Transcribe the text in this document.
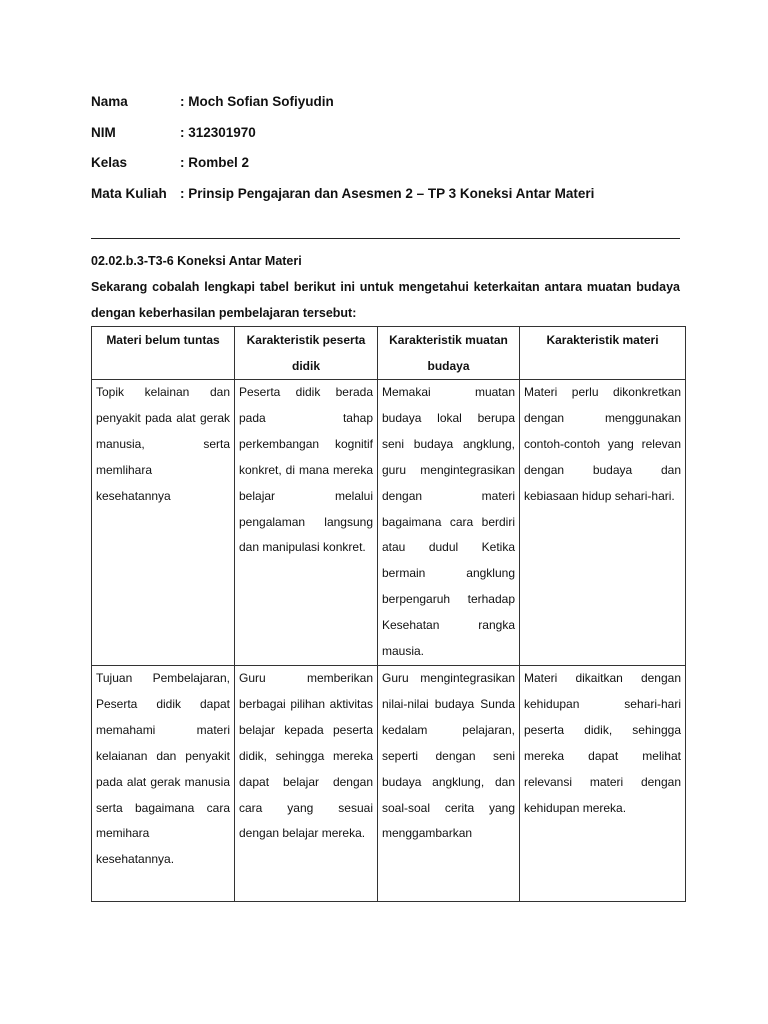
Nama	: Moch Sofian Sofiyudin
NIM	: 312301970
Kelas	: Rombel 2
Mata Kuliah : Prinsip Pengajaran dan Asesmen 2 – TP 3 Koneksi Antar Materi
02.02.b.3-T3-6 Koneksi Antar Materi
Sekarang cobalah lengkapi tabel berikut ini untuk mengetahui keterkaitan antara muatan budaya dengan keberhasilan pembelajaran tersebut:
Materi belum tuntas	Karakteristik peserta didik	Karakteristik muatan budaya	Karakteristik materi
Topik kelainan dan penyakit pada alat gerak manusia, serta memlihara kesehatannya	Peserta didik berada pada tahap perkembangan kognitif konkret, di mana mereka belajar melalui pengalaman langsung dan manipulasi konkret.	Memakai muatan budaya lokal berupa seni budaya angklung, guru mengintegrasikan dengan materi bagaimana cara berdiri atau dudul Ketika bermain angklung berpengaruh terhadap Kesehatan rangka mausia.	Materi perlu dikonkretkan dengan menggunakan contoh-contoh yang relevan dengan budaya dan kebiasaan hidup sehari-hari.
Tujuan Pembelajaran, Peserta didik dapat memahami materi kelaianan dan penyakit pada alat gerak manusia serta bagaimana cara memihara kesehatannya.	Guru memberikan berbagai pilihan aktivitas belajar kepada peserta didik, sehingga mereka dapat belajar dengan cara yang sesuai dengan belajar mereka.	Guru mengintegrasikan nilai-nilai budaya Sunda kedalam pelajaran, seperti dengan seni budaya angklung, dan soal-soal cerita yang menggambarkan	Materi dikaitkan dengan kehidupan sehari-hari peserta didik, sehingga mereka dapat melihat relevansi materi dengan kehidupan mereka.
